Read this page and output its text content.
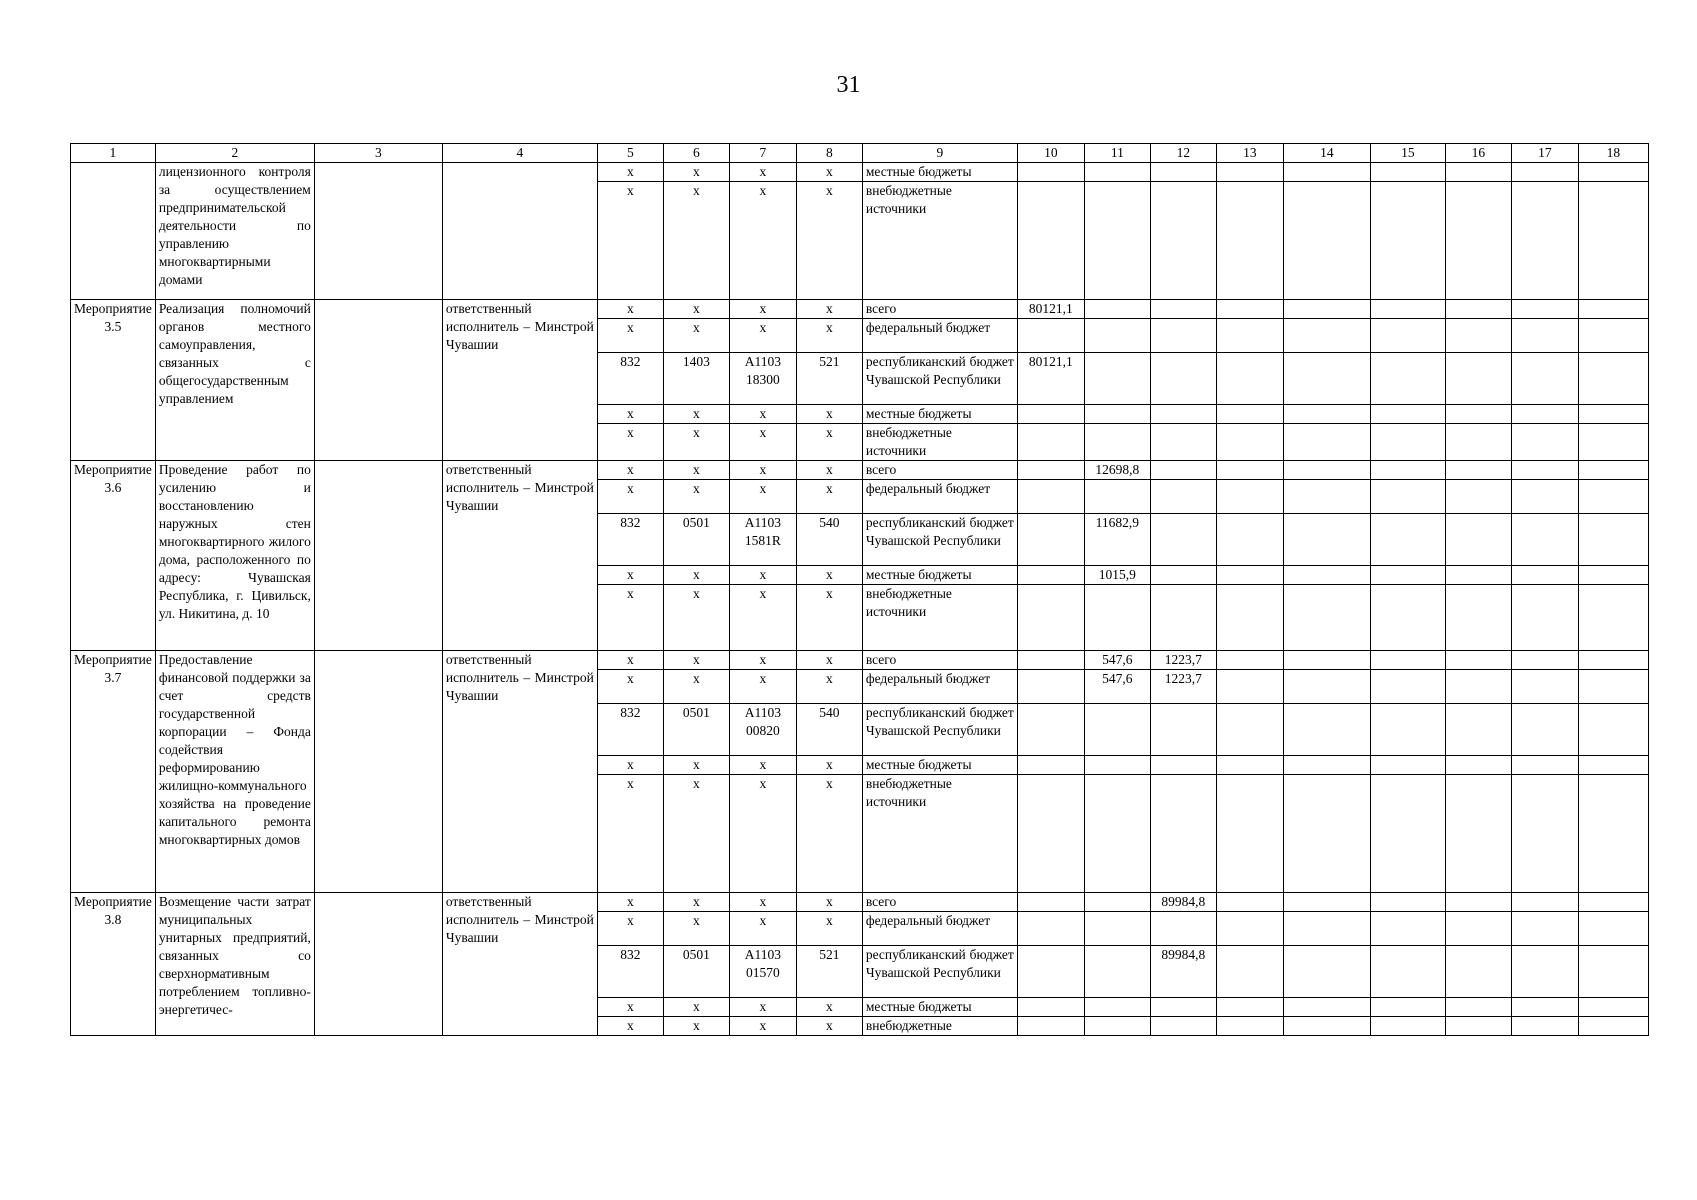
31
1	2	3	4	5	6	7	8	9	10	11	12	13	14	15	16	17	18
	лицензионного контроля за осуществлением предпринимательской деятельности по управлению многоквартирными домами			x	x	x	x	местные бюджеты									
				x	x	x	x	внебюджетные источники									
Мероприятие 3.5	Реализация полномочий органов местного самоуправления, связанных с общегосударственным управлением		ответственный исполнитель – Минстрой Чувашии	x	x	x	x	всего	80121,1								
				x	x	x	x	федеральный бюджет									
				832	1403	А1103 18300	521	республиканский бюджет Чувашской Республики	80121,1								
				x	x	x	x	местные бюджеты									
				x	x	x	x	внебюджетные источники									
Мероприятие 3.6	Проведение работ по усилению и восстановлению наружных стен многоквартирного жилого дома, расположенного по адресу: Чувашская Республика, г. Цивильск, ул. Никитина, д. 10		ответственный исполнитель – Минстрой Чувашии	x	x	x	x	всего		12698,8							
				x	x	x	x	федеральный бюджет									
				832	0501	А1103 1581R	540	республиканский бюджет Чувашской Республики		11682,9							
				x	x	x	x	местные бюджеты		1015,9							
				x	x	x	x	внебюджетные источники									
Мероприятие 3.7	Предоставление финансовой поддержки за счет средств государственной корпорации – Фонда содействия реформированию жилищно-коммунального хозяйства на проведение капитального ремонта многоквартирных домов		ответственный исполнитель – Минстрой Чувашии	x	x	x	x	всего		547,6	1223,7						
				x	x	x	x	федеральный бюджет		547,6	1223,7						
				832	0501	А1103 00820	540	республиканский бюджет Чувашской Республики									
				x	x	x	x	местные бюджеты									
				x	x	x	x	внебюджетные источники									
Мероприятие 3.8	Возмещение части затрат муниципальных унитарных предприятий, связанных со сверхнормативным потреблением топливно-энергетичес-		ответственный исполнитель – Минстрой Чувашии	x	x	x	x	всего			89984,8						
				x	x	x	x	федеральный бюджет									
				832	0501	А1103 01570	521	республиканский бюджет Чувашской Республики			89984,8						
				x	x	x	x	местные бюджеты									
				x	x	x	x	внебюджетные									
